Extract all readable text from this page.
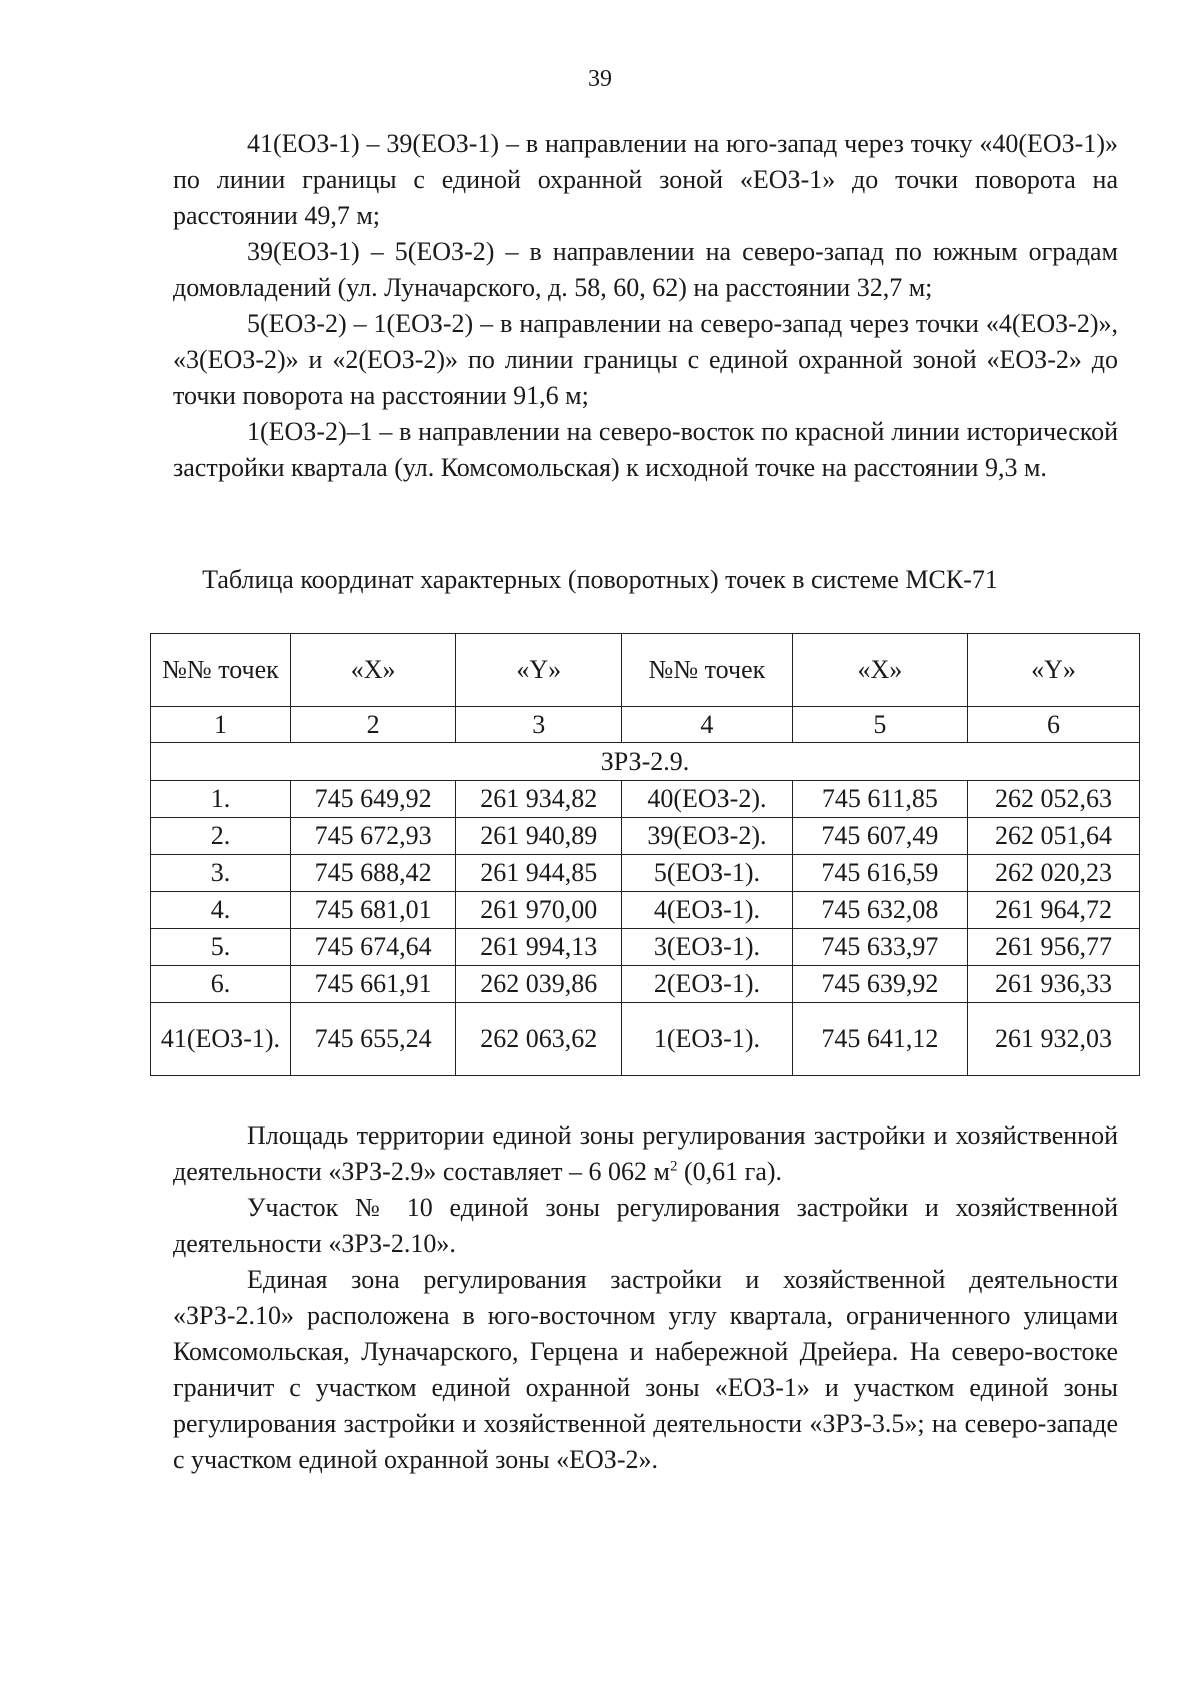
39

41(ЕОЗ-1) – 39(ЕОЗ-1) – в направлении на юго-запад через точку «40(ЕОЗ-1)» по линии границы с единой охранной зоной «ЕОЗ-1» до точки поворота на расстоянии 49,7 м;

39(ЕОЗ-1) – 5(ЕОЗ-2) – в направлении на северо-запад по южным оградам домовладений (ул. Луначарского, д. 58, 60, 62) на расстоянии 32,7 м;

5(ЕОЗ-2) – 1(ЕОЗ-2) – в направлении на северо-запад через точки «4(ЕОЗ-2)», «3(ЕОЗ-2)» и «2(ЕОЗ-2)» по линии границы с единой охранной зоной «ЕОЗ-2» до точки поворота на расстоянии 91,6 м;

1(ЕОЗ-2)–1 – в направлении на северо-восток по красной линии исторической застройки квартала (ул. Комсомольская) к исходной точке на расстоянии 9,3 м.

Таблица координат характерных (поворотных) точек в системе МСК-71
№№ точек	«X»	«Y»	№№ точек	«X»	«Y»
1	2	3	4	5	6
ЗРЗ-2.9.					
1.	745 649,92	261 934,82	40(ЕОЗ-2).	745 611,85	262 052,63
2.	745 672,93	261 940,89	39(ЕОЗ-2).	745 607,49	262 051,64
3.	745 688,42	261 944,85	5(ЕОЗ-1).	745 616,59	262 020,23
4.	745 681,01	261 970,00	4(ЕОЗ-1).	745 632,08	261 964,72
5.	745 674,64	261 994,13	3(ЕОЗ-1).	745 633,97	261 956,77
6.	745 661,91	262 039,86	2(ЕОЗ-1).	745 639,92	261 936,33
41(ЕОЗ-1).	745 655,24	262 063,62	1(ЕОЗ-1).	745 641,12	261 932,03

Площадь территории единой зоны регулирования застройки и хозяйственной деятельности «ЗРЗ-2.9» составляет – 6 062 $м^2$ (0,61 га).

Участок № 10 единой зоны регулирования застройки и хозяйственной деятельности «ЗРЗ-2.10».

Единая зона регулирования застройки и хозяйственной деятельности «ЗРЗ-2.10» расположена в юго-восточном углу квартала, ограниченного улицами Комсомольская, Луначарского, Герцена и набережной Дрейера. На северо-востоке граничит с участком единой охранной зоны «ЕОЗ-1» и участком единой зоны регулирования застройки и хозяйственной деятельности «ЗРЗ-3.5»; на северо-западе с участком единой охранной зоны «ЕОЗ-2».
